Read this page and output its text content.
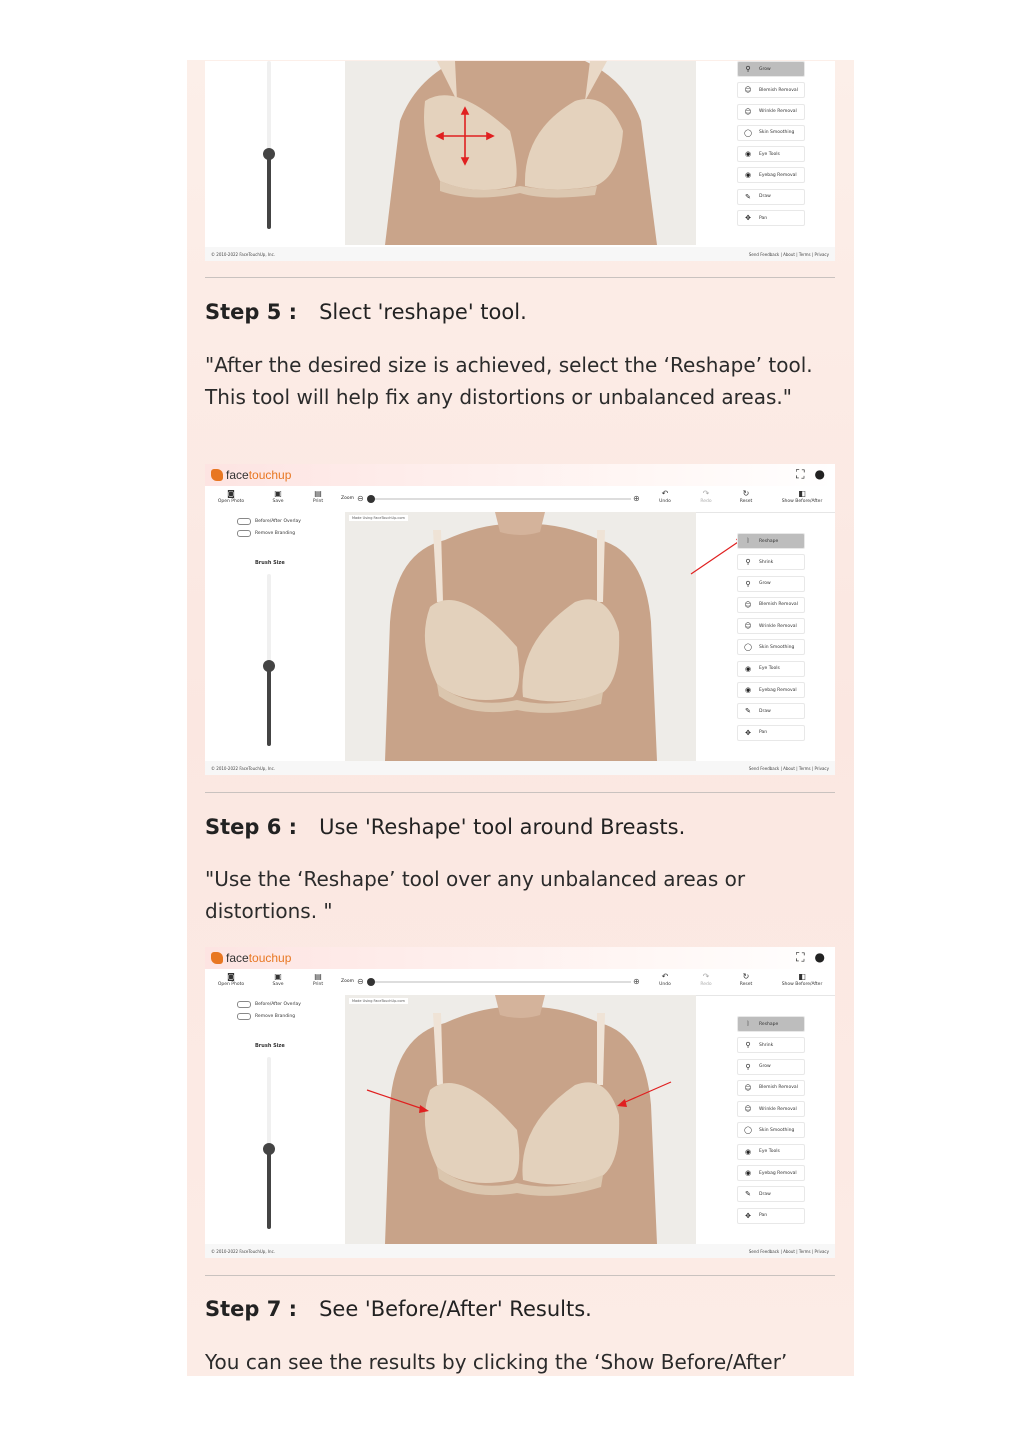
⚲	Grow
☺	Blemish Removal
☺	Wrinkle Removal
◯	Skin Smoothing
◉	Eye Tools
◉	Eyebag Removal
✎	Draw
✥	Pan
© 2010-2022 FaceTouchUp, Inc.	Send Feedback | About | Terms | Privacy
Step 5 : Slect 'reshape' tool.
"After the desired size is achieved, select the ‘Reshape’ tool. This tool will help fix any distortions or unbalanced areas."
facetouchup	⛶ ●
◙
Open Photo
▣
Save
▤
Print
Zoom ⊖	⊕
↶
Undo
↷
Redo
↻
Reset
◧
Show Before/After
Before/After Overlay
Remove Branding
Brush Size
Made Using FaceTouchUp.com
⦚	Reshape
⚲	Shrink
⚲	Grow
☺	Blemish Removal
☺	Wrinkle Removal
◯	Skin Smoothing
◉	Eye Tools
◉	Eyebag Removal
✎	Draw
✥	Pan
© 2010-2022 FaceTouchUp, Inc.	Send Feedback | About | Terms | Privacy
Step 6 : Use 'Reshape' tool around Breasts.
"Use the ‘Reshape’ tool over any unbalanced areas or distortions. "
facetouchup	⛶ ●
◙
Open Photo
▣
Save
▤
Print
Zoom ⊖	⊕
↶
Undo
↷
Redo
↻
Reset
◧
Show Before/After
Before/After Overlay
Remove Branding
Brush Size
Made Using FaceTouchUp.com
⦚	Reshape
⚲	Shrink
⚲	Grow
☺	Blemish Removal
☺	Wrinkle Removal
◯	Skin Smoothing
◉	Eye Tools
◉	Eyebag Removal
✎	Draw
✥	Pan
© 2010-2022 FaceTouchUp, Inc.	Send Feedback | About | Terms | Privacy
Step 7 : See 'Before/After' Results.
You can see the results by clicking the ‘Show Before/After’
